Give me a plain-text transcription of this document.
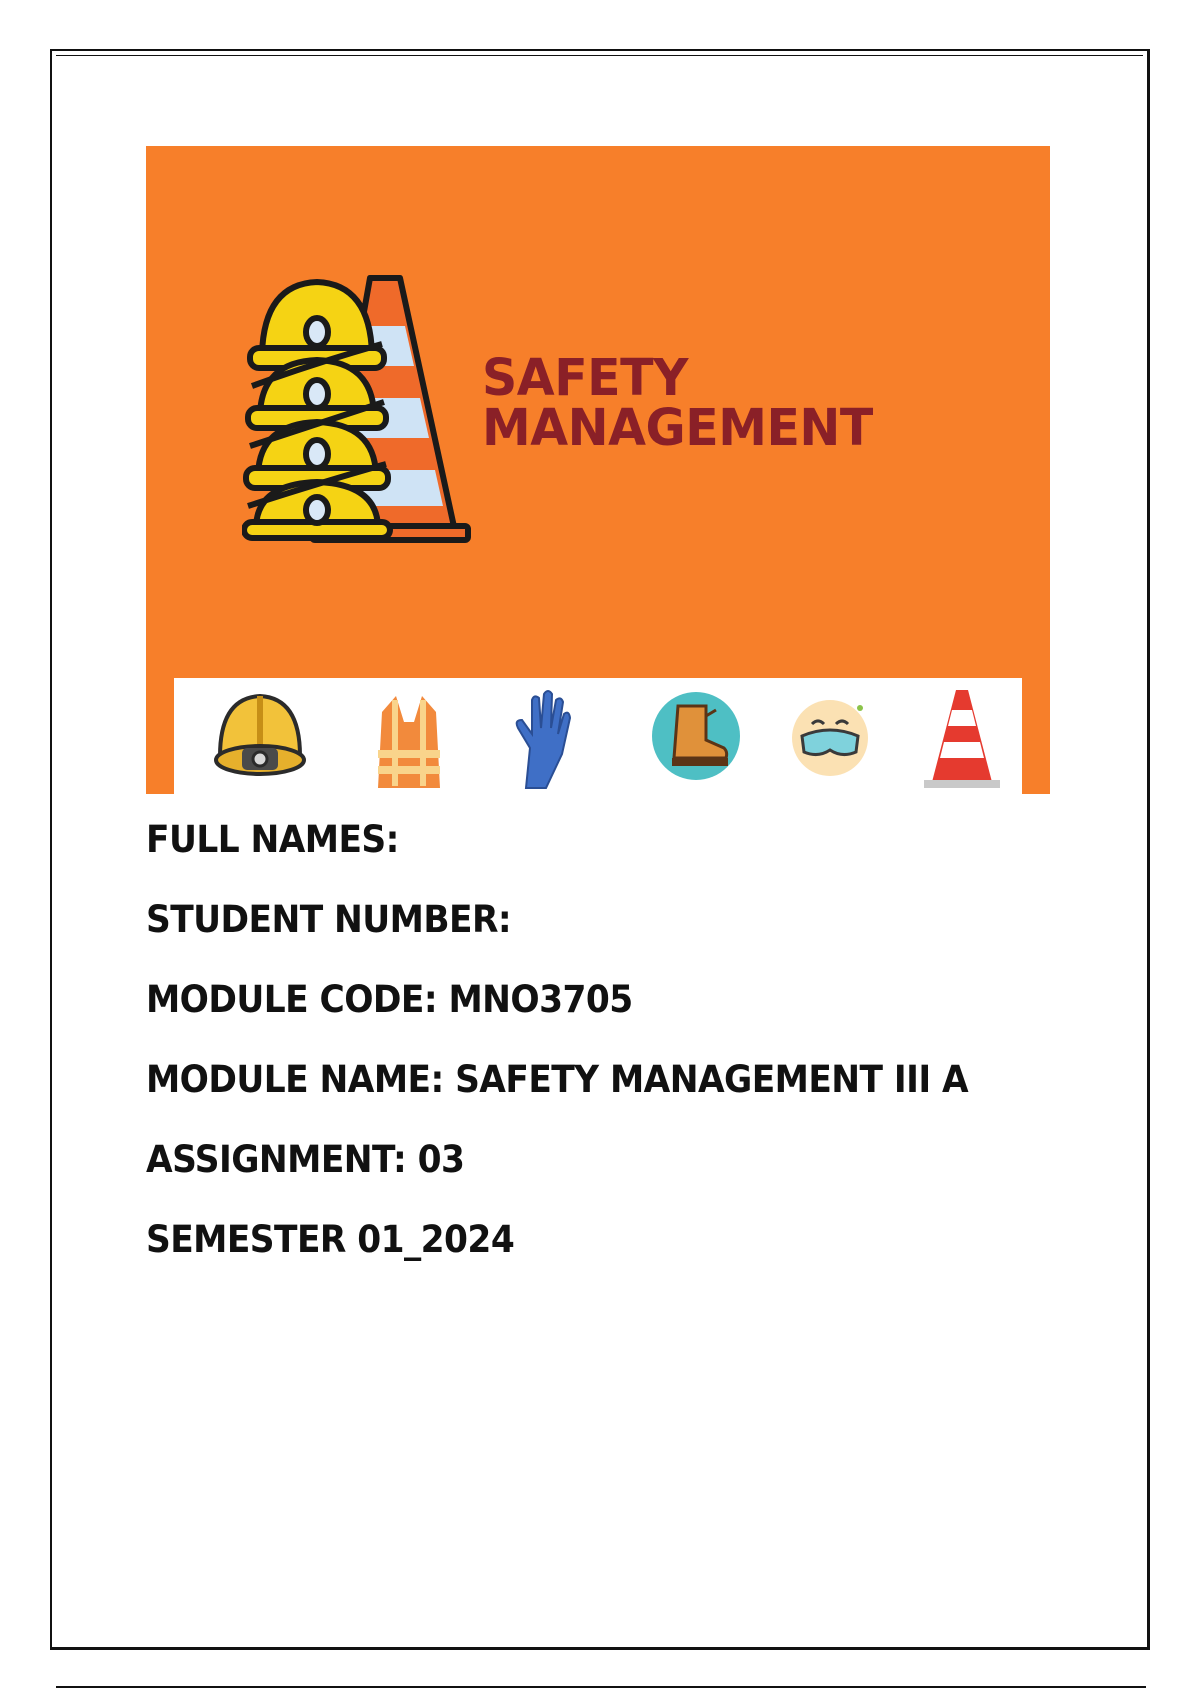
SAFETY
MANAGEMENT
FULL NAMES:
STUDENT NUMBER:
MODULE CODE: MNO3705
MODULE NAME: SAFETY MANAGEMENT III A
ASSIGNMENT: 03
SEMESTER 01_2024
